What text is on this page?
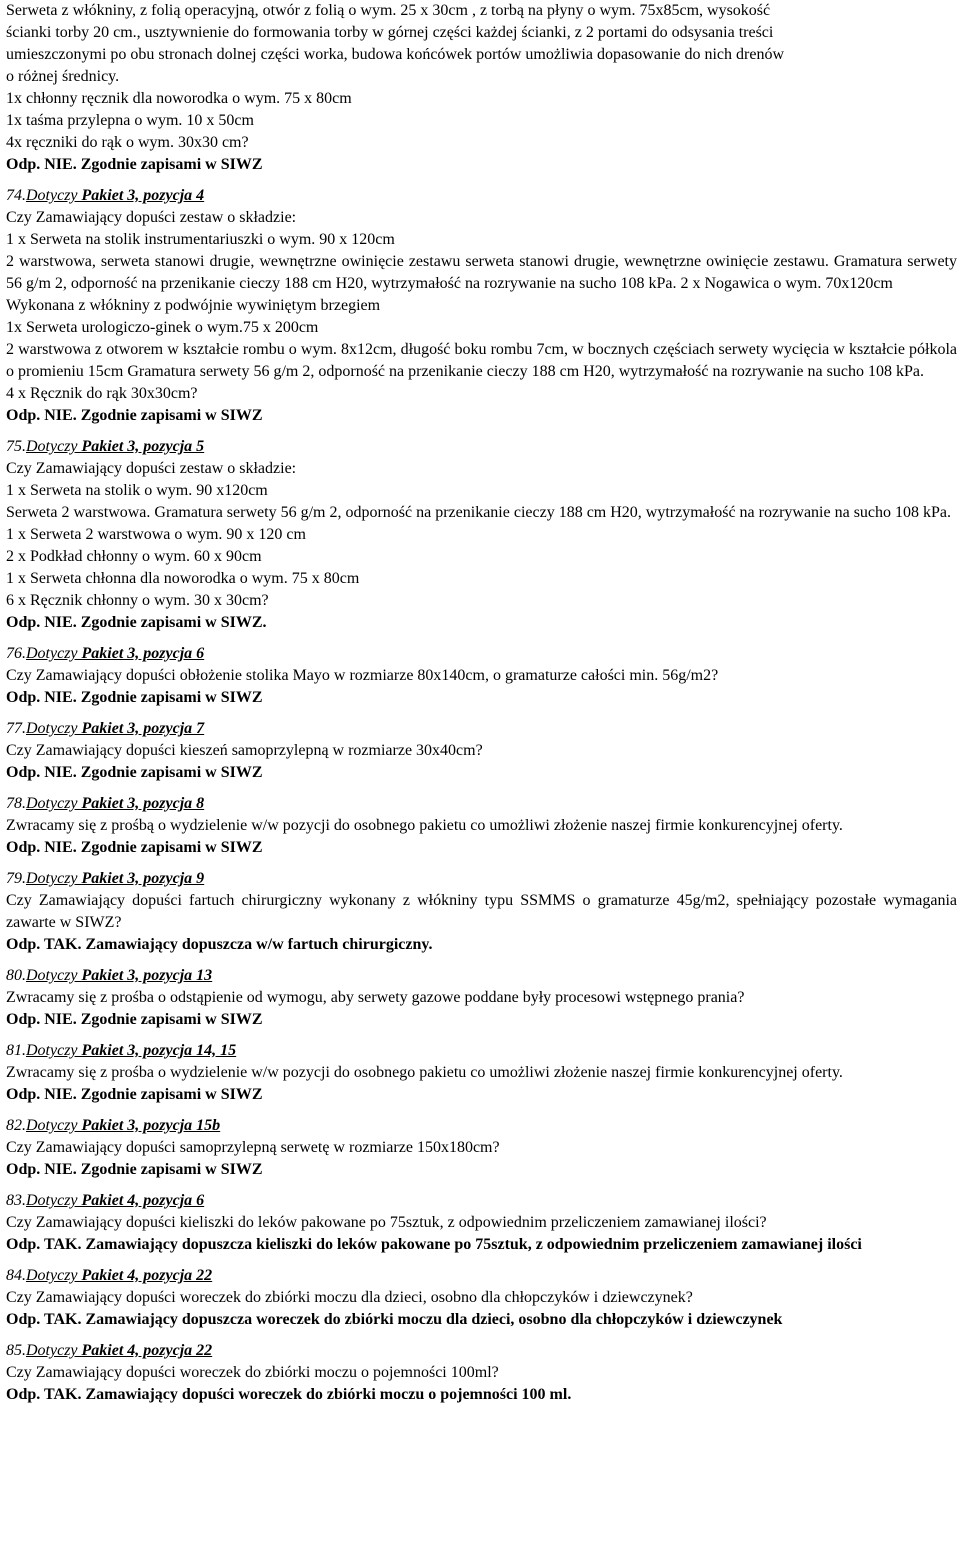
Serweta z włókniny, z folią operacyjną, otwór z folią o wym. 25 x 30cm , z torbą na płyny o wym. 75x85cm, wysokość
ścianki torby 20 cm., usztywnienie do formowania torby w górnej części każdej ścianki, z 2 portami do odsysania treści
umieszczonymi po obu stronach dolnej części worka, budowa końcówek portów umożliwia dopasowanie do nich drenów
o różnej średnicy.
1x chłonny ręcznik dla noworodka o wym. 75 x 80cm
1x taśma przylepna o wym. 10 x 50cm
4x ręczniki do rąk o wym. 30x30 cm?
Odp. NIE. Zgodnie zapisami w SIWZ
74.Dotyczy Pakiet 3, pozycja 4
Czy Zamawiający dopuści zestaw o składzie:
1 x Serweta na stolik instrumentariuszki o wym. 90 x 120cm
2 warstwowa, serweta stanowi drugie, wewnętrzne owinięcie zestawu serweta stanowi drugie, wewnętrzne owinięcie zestawu. Gramatura serwety 56 g/m 2, odporność na przenikanie cieczy 188 cm H20, wytrzymałość na rozrywanie na sucho 108 kPa. 2 x Nogawica o wym. 70x120cm
Wykonana z włókniny z podwójnie wywiniętym brzegiem
1x Serweta urologiczo-ginek o wym.75 x 200cm
2 warstwowa z otworem w kształcie rombu o wym. 8x12cm, długość boku rombu 7cm, w bocznych częściach serwety wycięcia w kształcie półkola o promieniu 15cm Gramatura serwety 56 g/m 2, odporność na przenikanie cieczy 188 cm H20, wytrzymałość na rozrywanie na sucho 108 kPa.
4 x Ręcznik do rąk 30x30cm?
Odp. NIE. Zgodnie zapisami w SIWZ
75.Dotyczy Pakiet 3, pozycja 5
Czy Zamawiający dopuści zestaw o składzie:
1 x Serweta na stolik o wym. 90 x120cm
Serweta 2 warstwowa. Gramatura serwety 56 g/m 2, odporność na przenikanie cieczy 188 cm H20, wytrzymałość na rozrywanie na sucho 108 kPa.
1 x Serweta 2 warstwowa o wym. 90 x 120 cm
2 x Podkład chłonny o wym. 60 x 90cm
1 x Serweta chłonna dla noworodka o wym. 75 x 80cm
6 x Ręcznik chłonny o wym. 30 x 30cm?
Odp. NIE. Zgodnie zapisami w SIWZ.
76.Dotyczy Pakiet 3, pozycja 6
Czy Zamawiający dopuści obłożenie stolika Mayo w rozmiarze 80x140cm, o gramaturze całości min. 56g/m2?
Odp. NIE. Zgodnie zapisami w SIWZ
77.Dotyczy Pakiet 3, pozycja 7
Czy Zamawiający dopuści kieszeń samoprzylepną w rozmiarze 30x40cm?
Odp. NIE. Zgodnie zapisami w SIWZ
78.Dotyczy Pakiet 3, pozycja 8
Zwracamy się z prośbą o wydzielenie w/w pozycji do osobnego pakietu co umożliwi złożenie naszej firmie konkurencyjnej oferty.
Odp. NIE. Zgodnie zapisami w SIWZ
79.Dotyczy Pakiet 3, pozycja 9
Czy Zamawiający dopuści fartuch chirurgiczny wykonany z włókniny typu SSMMS o gramaturze 45g/m2, spełniający pozostałe wymagania zawarte w SIWZ?
Odp. TAK. Zamawiający dopuszcza w/w fartuch chirurgiczny.
80.Dotyczy Pakiet 3, pozycja 13
Zwracamy się z prośba o odstąpienie od wymogu, aby serwety gazowe poddane były procesowi wstępnego prania?
Odp. NIE. Zgodnie zapisami w SIWZ
81.Dotyczy Pakiet 3, pozycja 14, 15
Zwracamy się z prośba o wydzielenie w/w pozycji do osobnego pakietu co umożliwi złożenie naszej firmie konkurencyjnej oferty.
Odp. NIE. Zgodnie zapisami w SIWZ
82.Dotyczy Pakiet 3, pozycja 15b
Czy Zamawiający dopuści samoprzylepną serwetę w rozmiarze 150x180cm?
Odp. NIE. Zgodnie zapisami w SIWZ
83.Dotyczy Pakiet 4, pozycja 6
Czy Zamawiający dopuści kieliszki do leków pakowane po 75sztuk, z odpowiednim przeliczeniem zamawianej ilości?
Odp. TAK. Zamawiający dopuszcza kieliszki do leków pakowane po 75sztuk, z odpowiednim przeliczeniem zamawianej ilości
84.Dotyczy Pakiet 4, pozycja 22
Czy Zamawiający dopuści woreczek do zbiórki moczu dla dzieci, osobno dla chłopczyków i dziewczynek?
Odp. TAK. Zamawiający dopuszcza woreczek do zbiórki moczu dla dzieci, osobno dla chłopczyków i dziewczynek
85.Dotyczy Pakiet 4, pozycja 22
Czy Zamawiający dopuści woreczek do zbiórki moczu o pojemności 100ml?
Odp. TAK. Zamawiający dopuści woreczek do zbiórki moczu o pojemności 100 ml.
